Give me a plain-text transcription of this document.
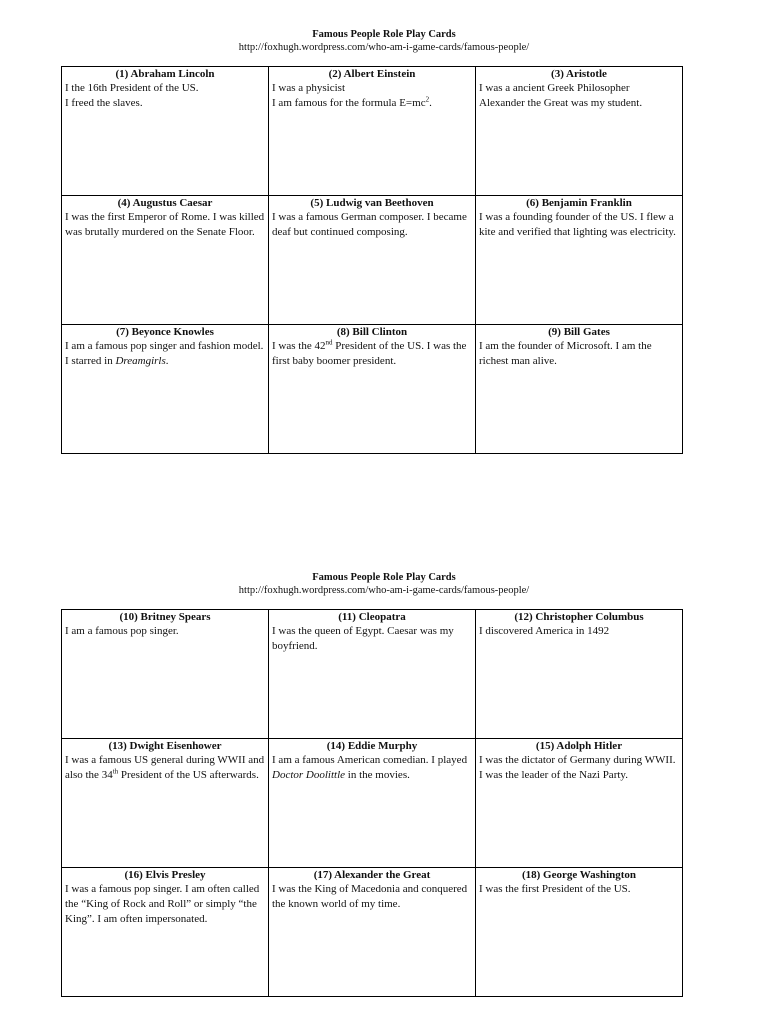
Famous People Role Play Cards
http://foxhugh.wordpress.com/who-am-i-game-cards/famous-people/
(1) Abraham Lincoln
I the 16th President of the US.
I freed the slaves.	(2) Albert Einstein
I was a physicist
I am famous for the formula $E=mc^2$.	(3) Aristotle
I was a ancient Greek Philosopher
Alexander the Great was my student.

(4) Augustus Caesar
I was the first Emperor of Rome. I was killed was brutally murdered on the Senate Floor.	(5) Ludwig van Beethoven
I was a famous German composer. I became deaf but continued composing.	(6) Benjamin Franklin
I was a founding founder of the US. I flew a kite and verified that lighting was electricity.

(7) Beyonce Knowles
I am a famous pop singer and fashion model. I starred in Dreamgirls.	(8) Bill Clinton
I was the 42nd President of the US. I was the first baby boomer president.	(9) Bill Gates
I am the founder of Microsoft. I am the richest man alive.
Famous People Role Play Cards
http://foxhugh.wordpress.com/who-am-i-game-cards/famous-people/
(10) Britney Spears
I am a famous pop singer.	(11) Cleopatra
I was the queen of Egypt. Caesar was my boyfriend.	(12) Christopher Columbus
I discovered America in 1492

(13) Dwight Eisenhower
I was a famous US general during WWII and also the 34th President of the US afterwards.	(14) Eddie Murphy
I am a famous American comedian. I played Doctor Doolittle in the movies.	(15) Adolph Hitler
I was the dictator of Germany during WWII. I was the leader of the Nazi Party.

(16) Elvis Presley
I was a famous pop singer. I am often called the “King of Rock and Roll” or simply “the King”. I am often impersonated.	(17) Alexander the Great
I was the King of Macedonia and conquered the known world of my time.	(18) George Washington
I was the first President of the US.
